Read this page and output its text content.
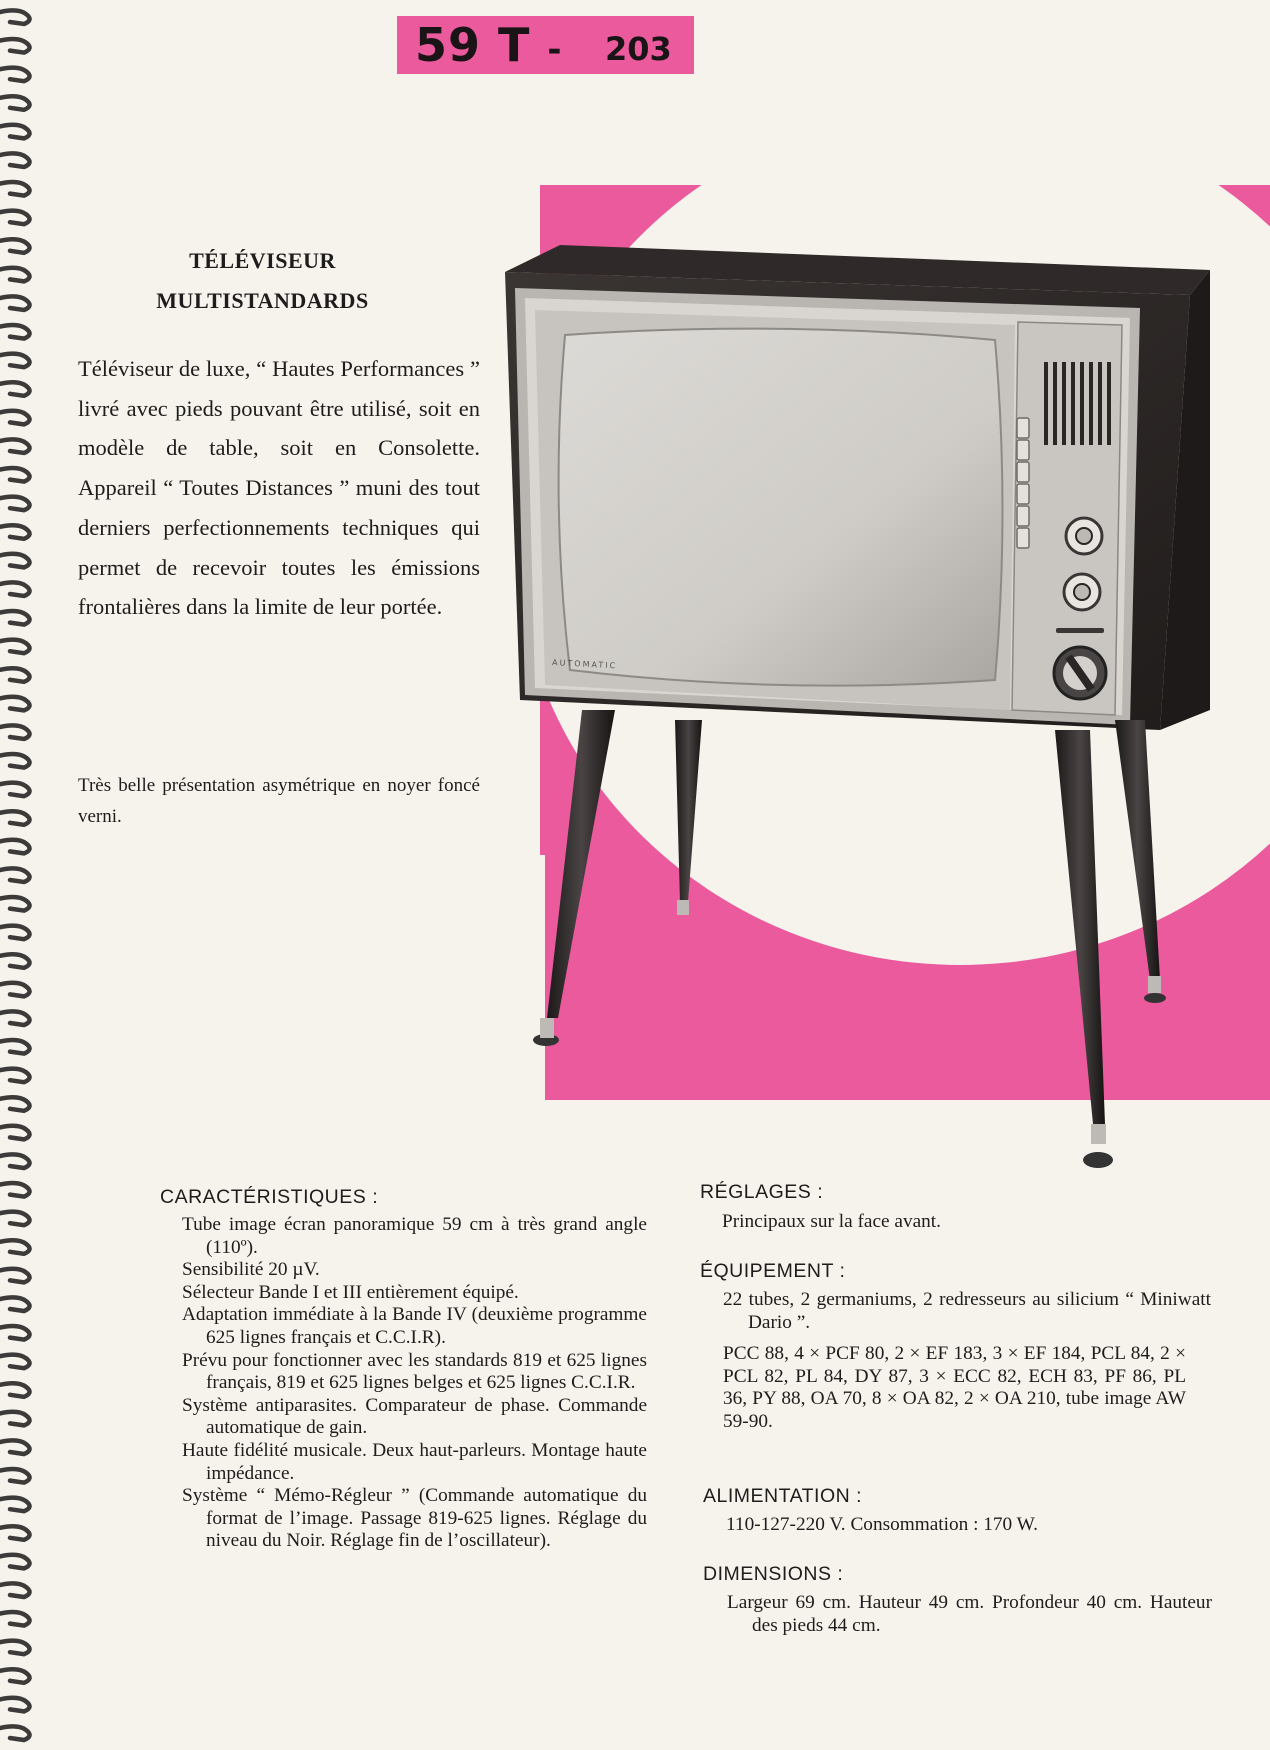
59 T - 203
TÉLÉVISEUR
MULTISTANDARDS
Téléviseur de luxe, “ Hautes Performances ” livré avec pieds pouvant être utilisé, soit en modèle de table, soit en Consolette. Appareil “ Toutes Distances ” muni des tout derniers perfectionnements techniques qui permet de recevoir toutes les émissions frontalières dans la limite de leur portée.
Très belle présentation asymétrique en noyer foncé verni.
AUTOMATIC
CARACTÉRISTIQUES :
Tube image écran panoramique 59 cm à très grand angle (110º).
Sensibilité 20 µV.
Sélecteur Bande I et III entièrement équipé.
Adaptation immédiate à la Bande IV (deuxième programme 625 lignes français et C.C.I.R).
Prévu pour fonctionner avec les standards 819 et 625 lignes français, 819 et 625 lignes belges et 625 lignes C.C.I.R.
Système antiparasites. Comparateur de phase. Commande automatique de gain.
Haute fidélité musicale. Deux haut-parleurs. Montage haute impédance.
Système “ Mémo-Régleur ” (Commande automatique du format de l’image. Passage 819-625 lignes. Réglage du niveau du Noir. Réglage fin de l’oscillateur).
RÉGLAGES :
Principaux sur la face avant.
ÉQUIPEMENT :
22 tubes, 2 germaniums, 2 redresseurs au silicium “ Miniwatt Dario ”.
PCC 88, 4 × PCF 80, 2 × EF 183, 3 × EF 184, PCL 84, 2 × PCL 82, PL 84, DY 87, 3 × ECC 82, ECH 83, PF 86, PL 36, PY 88, OA 70, 8 × OA 82, 2 × OA 210, tube image AW 59-90.
ALIMENTATION :
110-127-220 V. Consommation : 170 W.
DIMENSIONS :
Largeur 69 cm. Hauteur 49 cm. Profondeur 40 cm. Hauteur des pieds 44 cm.
